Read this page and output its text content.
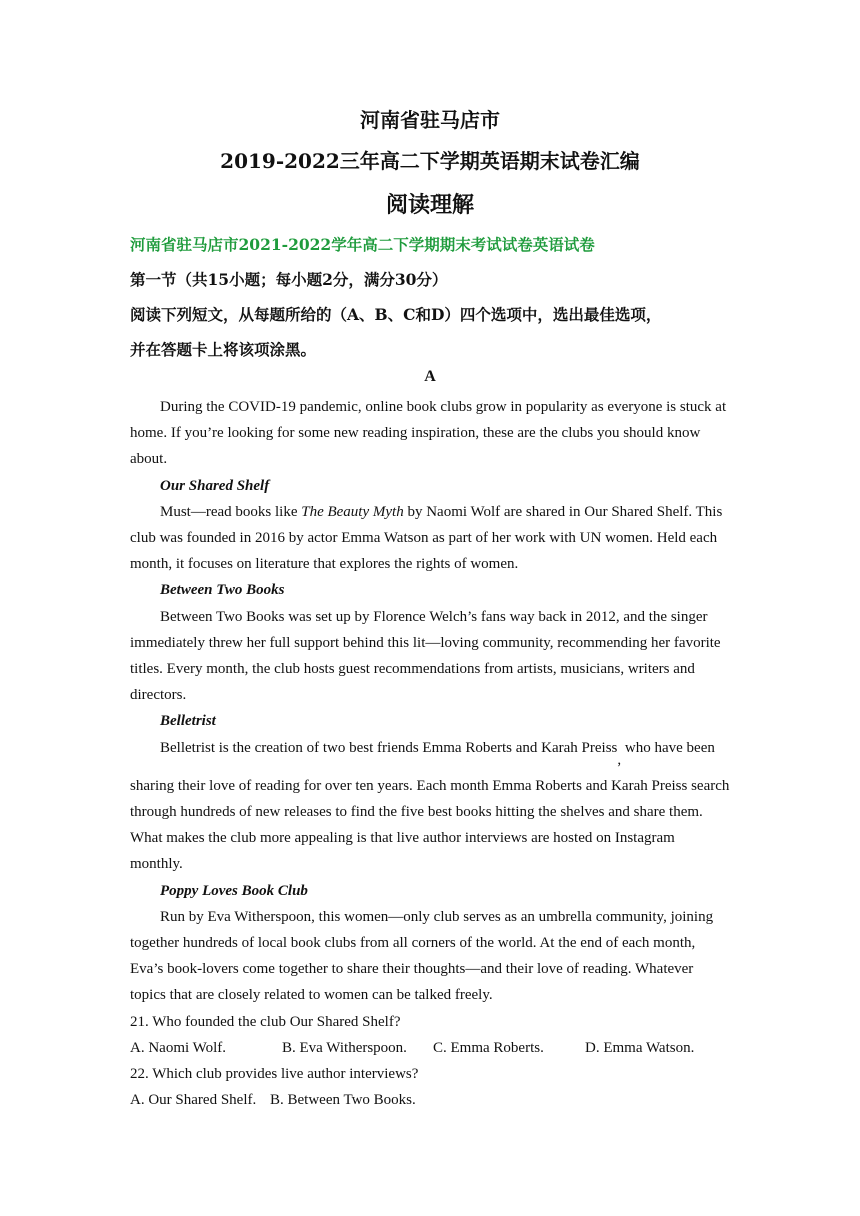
河南省驻马店市
2019-2022三年高二下学期英语期末试卷汇编
阅读理解
河南省驻马店市2021-2022学年高二下学期期末考试试卷英语试卷
第一节（共15小题；每小题2分，满分30分）
阅读下列短文，从每题所给的（A、B、C和D）四个选项中，选出最佳选项，
并在答题卡上将该项涂黑。
A

During the COVID-19 pandemic, online book clubs grow in popularity as everyone is stuck at home. If you’re looking for some new reading inspiration, these are the clubs you should know about.

Our Shared Shelf

Must—read books like The Beauty Myth by Naomi Wolf are shared in Our Shared Shelf. This club was founded in 2016 by actor Emma Watson as part of her work with UN women. Held each month, it focuses on literature that explores the rights of women.

Between Two Books

Between Two Books was set up by Florence Welch’s fans way back in 2012, and the singer immediately threw her full support behind this lit—loving community, recommending her favorite titles. Every month, the club hosts guest recommendations from artists, musicians, writers and directors.

Belletrist

Belletrist is the creation of two best friends Emma Roberts and Karah Preiss, who have been

sharing their love of reading for over ten years. Each month Emma Roberts and Karah Preiss search through hundreds of new releases to find the five best books hitting the shelves and share them. What makes the club more appealing is that live author interviews are hosted on Instagram monthly.

Poppy Loves Book Club

Run by Eva Witherspoon, this women—only club serves as an umbrella community, joining together hundreds of local book clubs from all corners of the world. At the end of each month, Eva’s book-lovers come together to share their thoughts—and their love of reading. Whatever topics that are closely related to women can be talked freely.

21. Who founded the club Our Shared Shelf?

A. Naomi Wolf.	B. Eva Witherspoon.	C. Emma Roberts.	D. Emma Watson.

22. Which club provides live author interviews?

A. Our Shared Shelf. B. Between Two Books.
